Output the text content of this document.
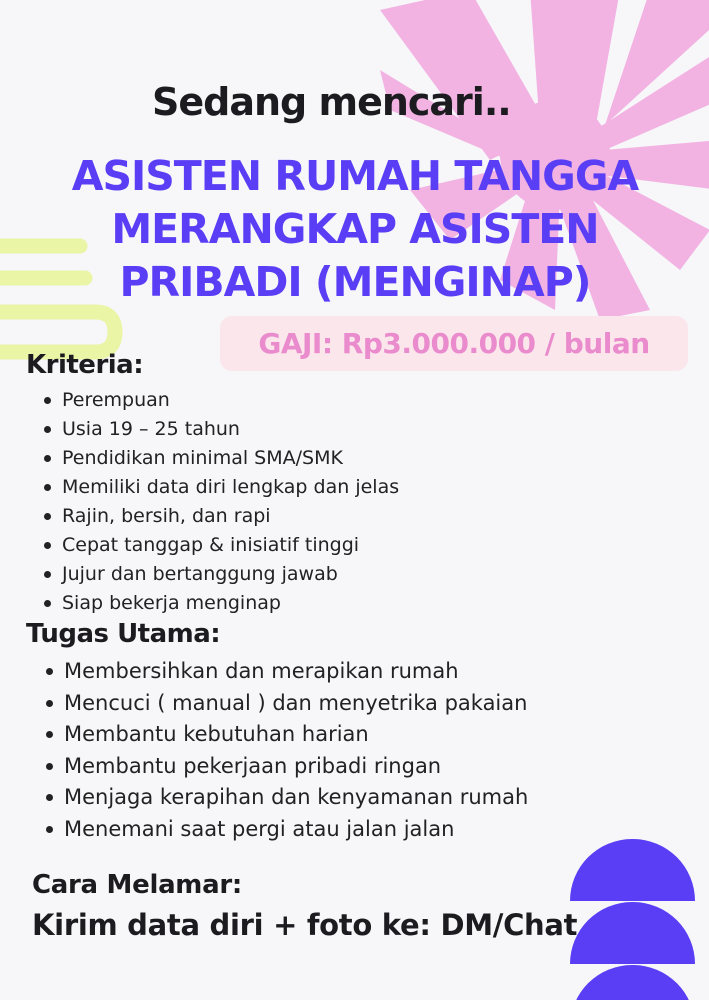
Sedang mencari..
ASISTEN RUMAH TANGGA
MERANGKAP ASISTEN
PRIBADI (MENGINAP)
GAJI: Rp3.000.000 / bulan
Kriteria:
Perempuan
Usia 19 – 25 tahun
Pendidikan minimal SMA/SMK
Memiliki data diri lengkap dan jelas
Rajin, bersih, dan rapi
Cepat tanggap & inisiatif tinggi
Jujur dan bertanggung jawab
Siap bekerja menginap
Tugas Utama:
Membersihkan dan merapikan rumah
Mencuci ( manual ) dan menyetrika pakaian
Membantu kebutuhan harian
Membantu pekerjaan pribadi ringan
Menjaga kerapihan dan kenyamanan rumah
Menemani saat pergi atau jalan jalan
Cara Melamar:
Kirim data diri + foto ke: DM/Chat
